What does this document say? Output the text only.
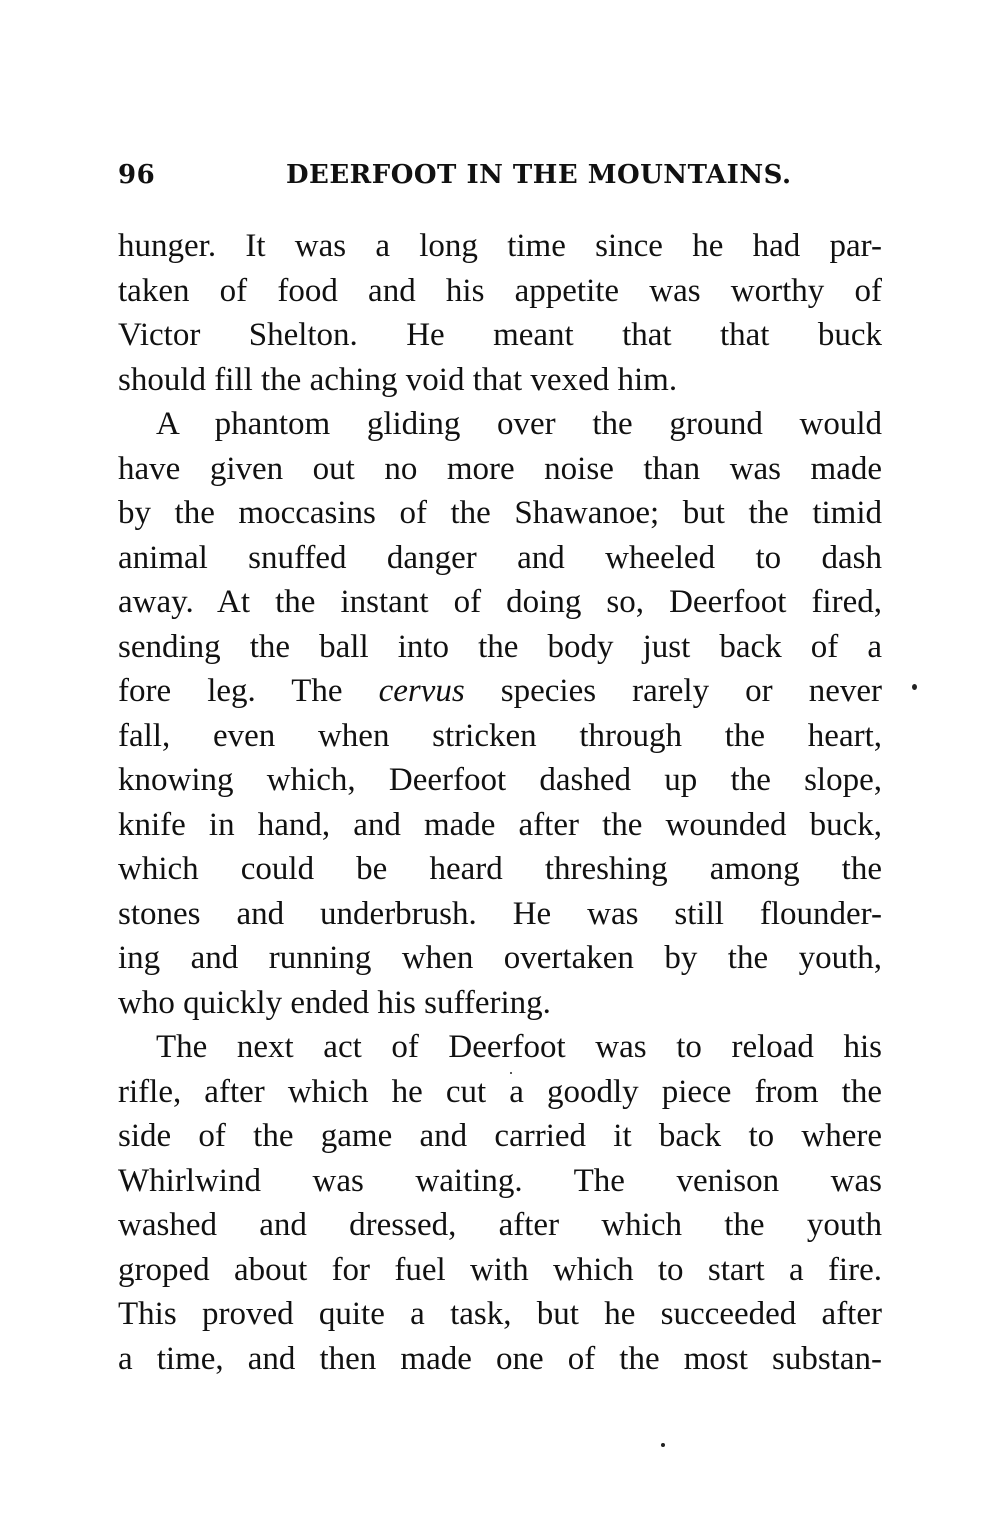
96	DEERFOOT IN THE MOUNTAINS.
hunger. It was a long time since he had par-
taken of food and his appetite was worthy of
Victor Shelton. He meant that that buck
should fill the aching void that vexed him.
A phantom gliding over the ground would
have given out no more noise than was made
by the moccasins of the Shawanoe; but the timid
animal snuffed danger and wheeled to dash
away. At the instant of doing so, Deerfoot fired,
sending the ball into the body just back of a
fore leg. The cervus species rarely or never
fall, even when stricken through the heart,
knowing which, Deerfoot dashed up the slope,
knife in hand, and made after the wounded buck,
which could be heard threshing among the
stones and underbrush. He was still flounder-
ing and running when overtaken by the youth,
who quickly ended his suffering.
The next act of Deerfoot was to reload his
rifle, after which he cut a goodly piece from the
side of the game and carried it back to where
Whirlwind was waiting. The venison was
washed and dressed, after which the youth
groped about for fuel with which to start a fire.
This proved quite a task, but he succeeded after
a time, and then made one of the most substan-
